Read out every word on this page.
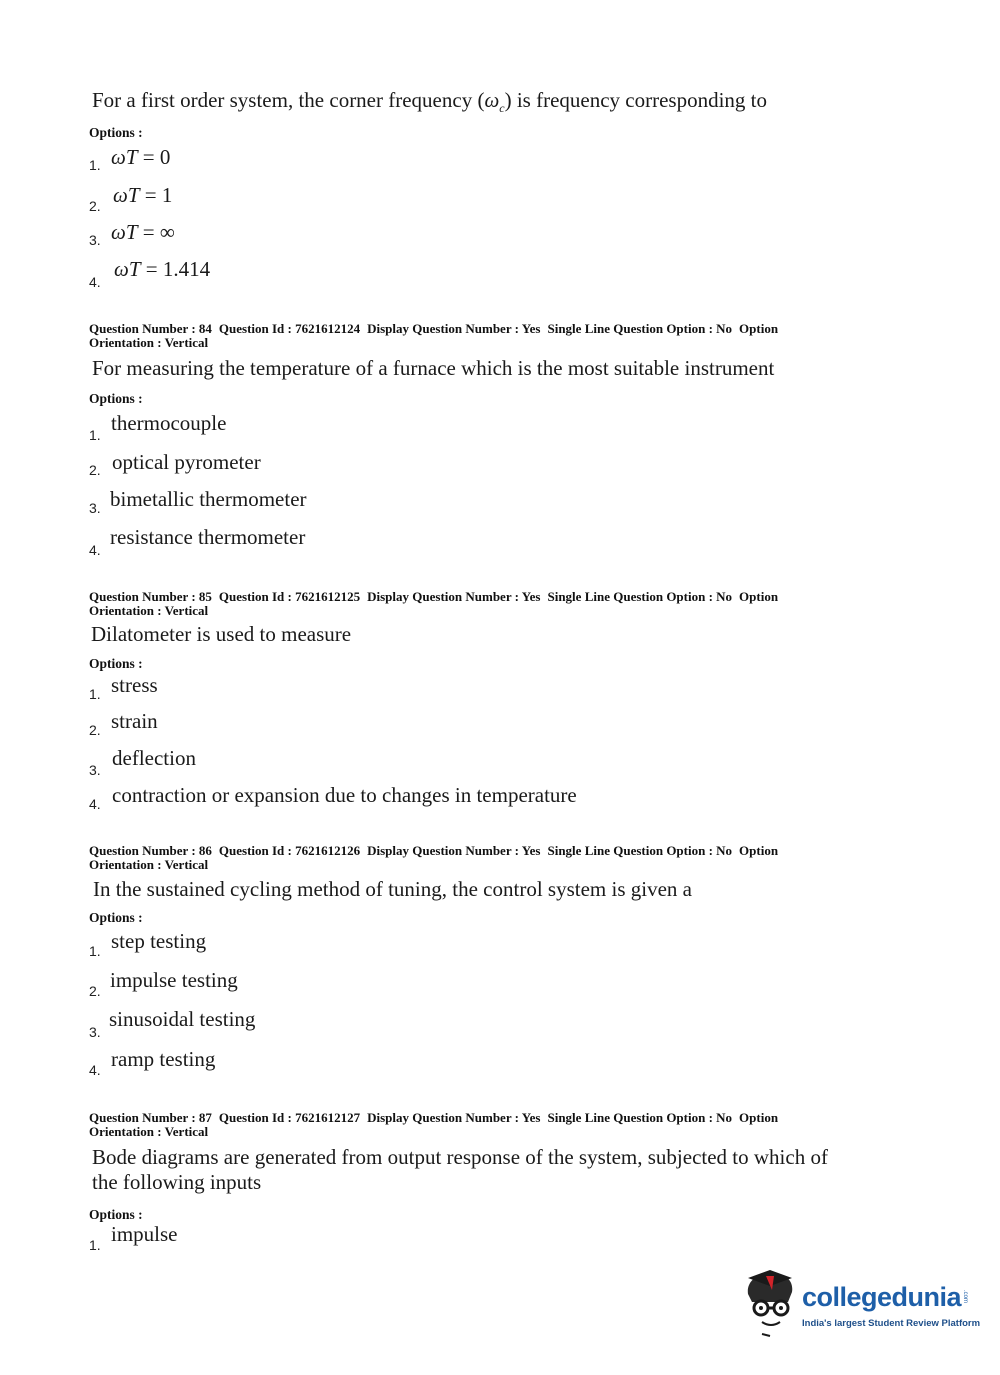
For a first order system, the corner frequency $(\omega_c)$ is frequency corresponding to
Options :
1. ωT = 0
2. ωT = 1
3. ωT = ∞
4.
ωT = 1.414
Question Number : 84 Question Id : 7621612124 Display Question Number : Yes Single Line Question Option : No Option
Orientation : Vertical
For measuring the temperature of a furnace which is the most suitable instrument
Options :
1. thermocouple
2. optical pyrometer
3. bimetallic thermometer
4.
resistance thermometer
Question Number : 85 Question Id : 7621612125 Display Question Number : Yes Single Line Question Option : No Option
Orientation : Vertical
Dilatometer is used to measure
Options :
1. stress
2. strain
3. deflection
4. contraction or expansion due to changes in temperature
Question Number : 86 Question Id : 7621612126 Display Question Number : Yes Single Line Question Option : No Option
Orientation : Vertical
In the sustained cycling method of tuning, the control system is given a
Options :
1. step testing
2. impulse testing
3.
sinusoidal testing
4. ramp testing
Question Number : 87 Question Id : 7621612127 Display Question Number : Yes Single Line Question Option : No Option
Orientation : Vertical
Bode diagrams are generated from output response of the system, subjected to which of
the following inputs
Options :
1. impulse
collegedunia .com
India's largest Student Review Platform
